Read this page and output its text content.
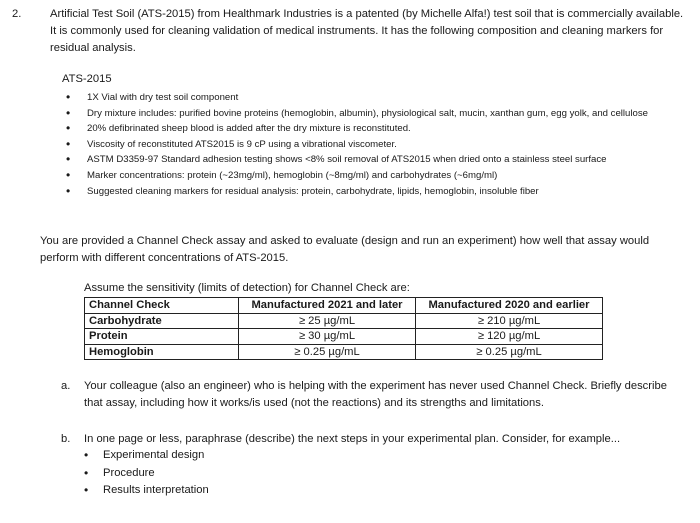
2.	Artificial Test Soil (ATS-2015) from Healthmark Industries is a patented (by Michelle Alfa!) test soil that is commercially available. It is commonly used for cleaning validation of medical instruments. It has the following composition and cleaning markers for residual analysis.
ATS-2015
• 1X Vial with dry test soil component
• Dry mixture includes: purified bovine proteins (hemoglobin, albumin), physiological salt, mucin, xanthan gum, egg yolk, and cellulose
• 20% defibrinated sheep blood is added after the dry mixture is reconstituted.
• Viscosity of reconstituted ATS2015 is 9 cP using a vibrational viscometer.
• ASTM D3359-97 Standard adhesion testing shows <8% soil removal of ATS2015 when dried onto a stainless steel surface
• Marker concentrations: protein (~23mg/ml), hemoglobin (~8mg/ml) and carbohydrates (~6mg/ml)
• Suggested cleaning markers for residual analysis: protein, carbohydrate, lipids, hemoglobin, insoluble fiber
You are provided a Channel Check assay and asked to evaluate (design and run an experiment) how well that assay would perform with different concentrations of ATS-2015.
Assume the sensitivity (limits of detection) for Channel Check are:
Channel Check	Manufactured 2021 and later	Manufactured 2020 and earlier
Carbohydrate	≥ 25 µg/mL	≥ 210 µg/mL
Protein	≥ 30 µg/mL	≥ 120 µg/mL
Hemoglobin	≥ 0.25 µg/mL	≥ 0.25 µg/mL
a. Your colleague (also an engineer) who is helping with the experiment has never used Channel Check. Briefly describe that assay, including how it works/is used (not the reactions) and its strengths and limitations.
b. In one page or less, paraphrase (describe) the next steps in your experimental plan. Consider, for example...
• Experimental design
• Procedure
• Results interpretation
